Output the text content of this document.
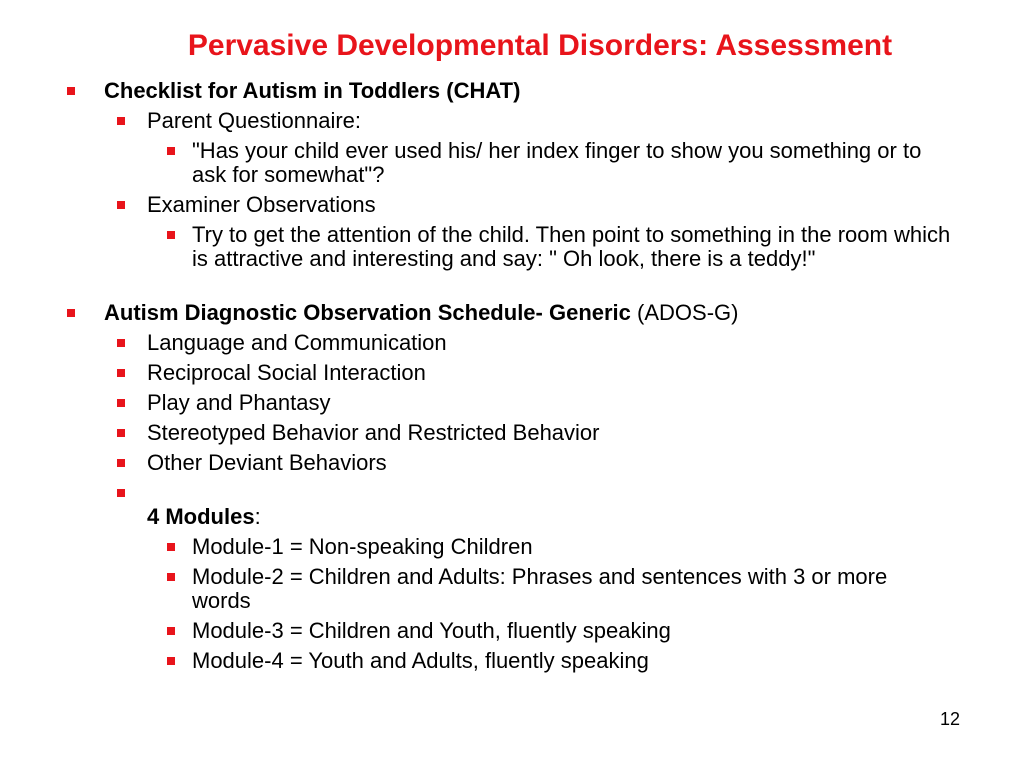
Pervasive Developmental Disorders: Assessment
Checklist for Autism in Toddlers (CHAT)
Parent Questionnaire:
"Has your child ever used his/ her index finger to show you something or to ask for somewhat"?
Examiner Observations
Try to get the attention of the child. Then point to something in the room which is attractive and interesting and say: " Oh look, there is a teddy!"
Autism Diagnostic Observation Schedule- Generic (ADOS-G)
Language and Communication
Reciprocal Social Interaction
Play and Phantasy
Stereotyped Behavior and Restricted Behavior
Other Deviant Behaviors

4 Modules:
Module-1 = Non-speaking Children
Module-2 = Children and Adults: Phrases and sentences with 3 or more words
Module-3 = Children and Youth, fluently speaking
Module-4 = Youth and Adults, fluently speaking
12
